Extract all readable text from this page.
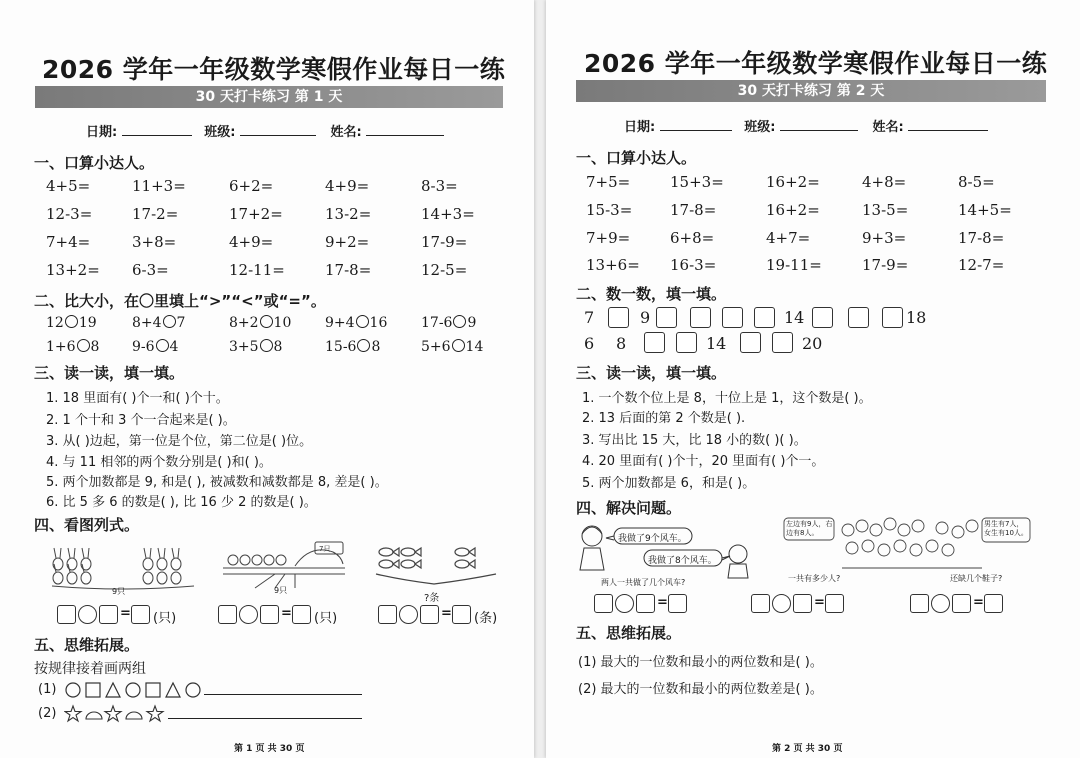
2026 学年一年级数学寒假作业每日一练
30 天打卡练习 第 1 天
日期:	班级:	姓名:
一、口算小达人。
4+5=	11+3=	6+2=	4+9=	8-3=
12-3=	17-2=	17+2=	13-2=	14+3=
7+4=	3+8=	4+9=	9+2=	17-9=
13+2= 6-3=	12-11=	17-8=	12-5=
二、比大小，在〇里填上“>”“<”或“=”。
12 19	8+4 7	8+2 10 9+4 16 17-6 9
1+6 8 9-6 4	3+5 8	15-6 8	5+6 14
三、读一读，填一填。
1. 18 里面有( )个一和( )个十。
2. 1 个十和 3 个一合起来是( )。
3. 从( )边起，第一位是个位，第二位是( )位。
4. 与 11 相邻的两个数分别是( )和( )。
5. 两个加数都是 9, 和是( ), 被减数和减数都是 8, 差是( )。
6. 比 5 多 6 的数是( ), 比 16 少 2 的数是( )。
四、看图列式。
9只
7只
9只
?条
= (只)	= (只)	= (条)
五、思维拓展。
按规律接着画两组
(1)
(2)
第 1 页 共 30 页
2026 学年一年级数学寒假作业每日一练
30 天打卡练习 第 2 天
日期:	班级:	姓名:
一、口算小达人。
7+5=	15+3=	16+2=	4+8=	8-5=
15-3=	17-8=	16+2=	13-5=	14+5=
7+9=	6+8=	4+7=	9+3=	17-8=
13+6= 16-3=	19-11=	17-9=	12-7=
二、数一数，填一填。
7	9	14	18
6 8	14	20
三、读一读，填一填。
1. 一个数个位上是 8，十位上是 1，这个数是( )。
2. 13 后面的第 2 个数是( ).
3. 写出比 15 大，比 18 小的数( )( )。
4. 20 里面有( )个十，20 里面有( )个一。
5. 两个加数都是 6，和是( )。
四、解决问题。
我做了9个风车。
我做了8个风车。
两人一共做了几个风车?
左边有9人，右边有8人。
男生有7人，女生有10人。
一共有多少人?	还缺几个鞋子?
=	=	=
五、思维拓展。
(1) 最大的一位数和最小的两位数和是( )。
(2) 最大的一位数和最小的两位数差是( )。
第 2 页 共 30 页
